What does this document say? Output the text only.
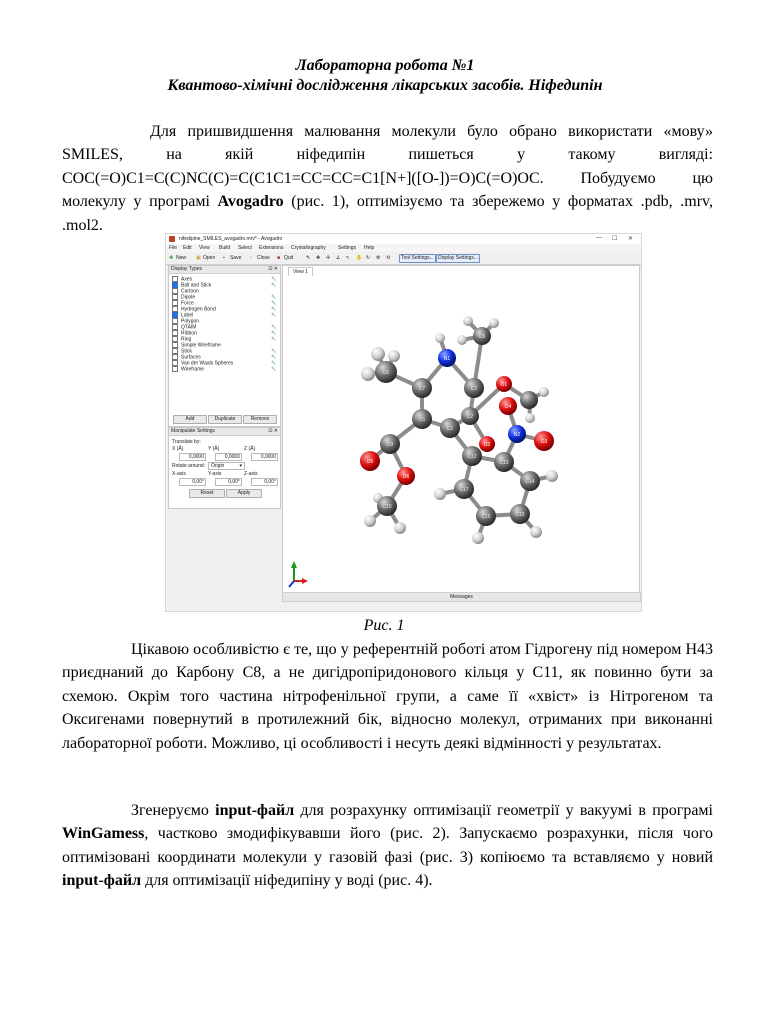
Лабораторна робота №1
Квантово-хімічні дослідження лікарських засобів. Ніфедипін

Для пришвидшення малювання молекули було обрано використати «мову» SMILES, на якій ніфедипін пишеться у такому вигляді: COC(=O)C1=C(C)NC(C)=C(C1C1=CC=CC=C1[N+]([O-])=O)C(=O)OC. Побудуємо цю молекулу у програмі Avogadro (рис. 1), оптимізуємо та збережемо у форматах .pdb, .mrv, .mol2.

nifedipine_SMILES_avogadro.mrv* - Avogadro	— ☐ ✕
File Edit View Build Select Extensions Crystallography Settings Help
✚ New ▣ Open ▪	Save ▫	Close ■ Quit	✎ ✥ ✢ ∠ ↖ ✋ ↻ ⚙ ⟲	Tool Settings... Display Settings...
Display Types	⊡ ✕
Axes	🔧
Ball and Stick	🔧
Cartoon
Dipole	🔧
Force	🔧
Hydrogen Bond	🔧
Label	🔧
Polygon
QTAIM	🔧
Ribbon	🔧
Ring	🔧
Simple Wireframe
Stick	🔧
Surfaces	🔧
Van der Waals Spheres	🔧
Wireframe	🔧
Add	Duplicate	Remove
Manipulate Settings	⊡ ✕
Translate by:
X (Å)	Y (Å)	Z (Å)
0,0000	0,0000	0,0000
Rotate around:	Origin	▾
X-axis	Y-axis	Z-axis
0,00°	0,00°	0,00°
Reset	Apply
View 1
C8
N1
C6
O1
C7	C3
O4
C2
C5
C1
N2
O3
O2
C9
C12
O5	C13
O6
C14
C17
C10
C15
C16
Messages
Рис. 1

Цікавою особливістю є те, що у референтній роботі атом Гідрогену під номером H43 приєднаний до Карбону C8, а не дигідропіридонового кільця у С11, як повинно бути за схемою. Окрім того частина нітрофенільної групи, а саме її «хвіст» із Нітрогеном та Оксигенами повернутий в протилежний бік, відносно молекул, отриманих при виконанні лабораторної роботи. Можливо, ці особливості і несуть деякі відмінності у результатах.

Згенеруємо input-файл для розрахунку оптимізації геометрії у вакуумі в програмі WinGamess, частково змодифікувавши його (рис. 2). Запускаємо розрахунки, після чого оптимізовані координати молекули у газовій фазі (рис. 3) копіюємо та вставляємо у новий input-файл для оптимізації ніфедипіну у воді (рис. 4).
